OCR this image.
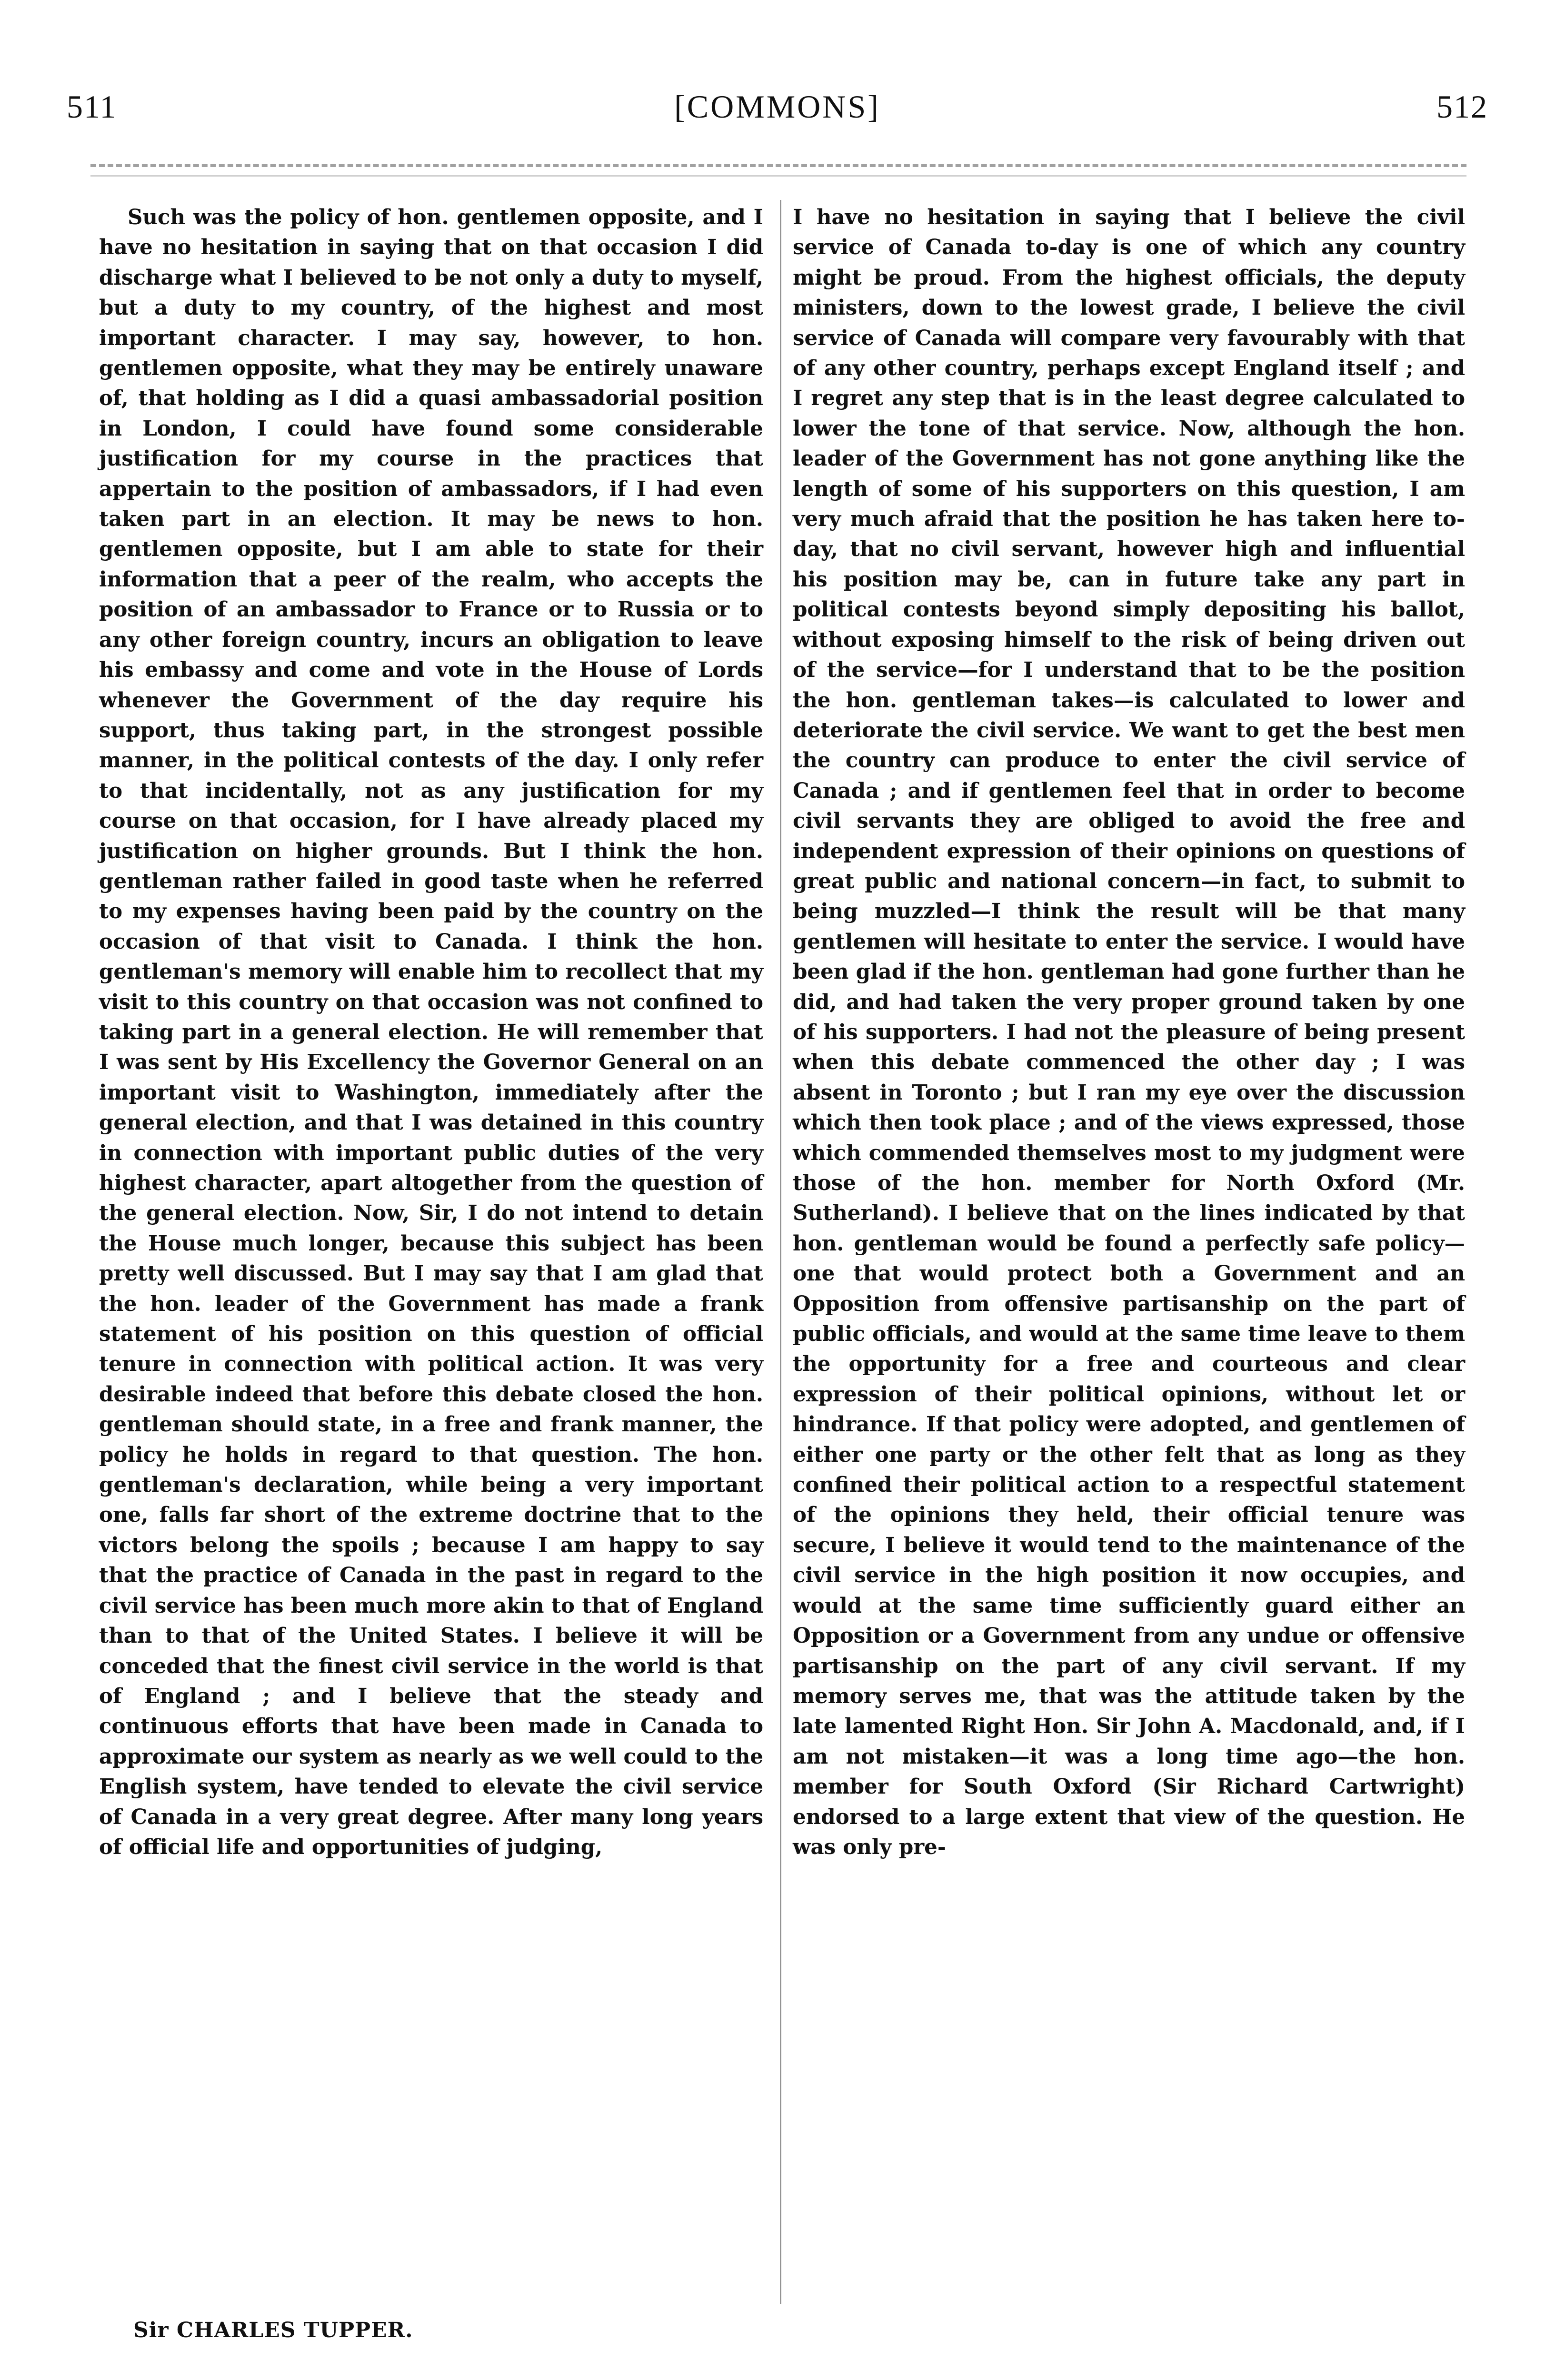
511	[COMMONS]	512

Such was the policy of hon. gentlemen opposite, and I have no hesitation in saying that on that occasion I did discharge what I believed to be not only a duty to myself, but a duty to my country, of the highest and most important character. I may say, however, to hon. gentlemen opposite, what they may be entirely unaware of, that holding as I did a quasi ambassadorial position in London, I could have found some considerable justification for my course in the practices that appertain to the position of ambassadors, if I had even taken part in an election. It may be news to hon. gentlemen opposite, but I am able to state for their information that a peer of the realm, who accepts the position of an ambassador to France or to Russia or to any other foreign country, incurs an obligation to leave his embassy and come and vote in the House of Lords whenever the Government of the day require his support, thus taking part, in the strongest possible manner, in the political contests of the day. I only refer to that incidentally, not as any justification for my course on that occasion, for I have already placed my justification on higher grounds. But I think the hon. gentleman rather failed in good taste when he referred to my expenses having been paid by the country on the occasion of that visit to Canada. I think the hon. gentleman's memory will enable him to recollect that my visit to this country on that occasion was not confined to taking part in a general election. He will remember that I was sent by His Excellency the Governor General on an important visit to Washington, immediately after the general election, and that I was detained in this country in connection with important public duties of the very highest character, apart altogether from the question of the general election. Now, Sir, I do not intend to detain the House much longer, because this subject has been pretty well discussed. But I may say that I am glad that the hon. leader of the Government has made a frank statement of his position on this question of official tenure in connection with political action. It was very desirable indeed that before this debate closed the hon. gentleman should state, in a free and frank manner, the policy he holds in regard to that question. The hon. gentleman's declaration, while being a very important one, falls far short of the extreme doctrine that to the victors belong the spoils ; because I am happy to say that the practice of Canada in the past in regard to the civil service has been much more akin to that of England than to that of the United States. I believe it will be conceded that the finest civil service in the world is that of England ; and I believe that the steady and continuous efforts that have been made in Canada to approximate our system as nearly as we well could to the English system, have tended to elevate the civil service of Canada in a very great degree. After many long years of official life and opportunities of judging,

I have no hesitation in saying that I believe the civil service of Canada to-day is one of which any country might be proud. From the highest officials, the deputy ministers, down to the lowest grade, I believe the civil service of Canada will compare very favourably with that of any other country, perhaps except England itself ; and I regret any step that is in the least degree calculated to lower the tone of that service. Now, although the hon. leader of the Government has not gone anything like the length of some of his supporters on this question, I am very much afraid that the position he has taken here to-day, that no civil servant, however high and influential his position may be, can in future take any part in political contests beyond simply depositing his ballot, without exposing himself to the risk of being driven out of the service—for I understand that to be the position the hon. gentleman takes—is calculated to lower and deteriorate the civil service. We want to get the best men the country can produce to enter the civil service of Canada ; and if gentlemen feel that in order to become civil servants they are obliged to avoid the free and independent expression of their opinions on questions of great public and national concern—in fact, to submit to being muzzled—I think the result will be that many gentlemen will hesitate to enter the service. I would have been glad if the hon. gentleman had gone further than he did, and had taken the very proper ground taken by one of his supporters. I had not the pleasure of being present when this debate commenced the other day ; I was absent in Toronto ; but I ran my eye over the discussion which then took place ; and of the views expressed, those which commended themselves most to my judgment were those of the hon. member for North Oxford (Mr. Sutherland). I believe that on the lines indicated by that hon. gentleman would be found a perfectly safe policy—one that would protect both a Government and an Opposition from offensive partisanship on the part of public officials, and would at the same time leave to them the opportunity for a free and courteous and clear expression of their political opinions, without let or hindrance. If that policy were adopted, and gentlemen of either one party or the other felt that as long as they confined their political action to a respectful statement of the opinions they held, their official tenure was secure, I believe it would tend to the maintenance of the civil service in the high position it now occupies, and would at the same time sufficiently guard either an Opposition or a Government from any undue or offensive partisanship on the part of any civil servant. If my memory serves me, that was the attitude taken by the late lamented Right Hon. Sir John A. Macdonald, and, if I am not mistaken—it was a long time ago—the hon. member for South Oxford (Sir Richard Cartwright) endorsed to a large extent that view of the question. He was only pre-

Sir CHARLES TUPPER.
